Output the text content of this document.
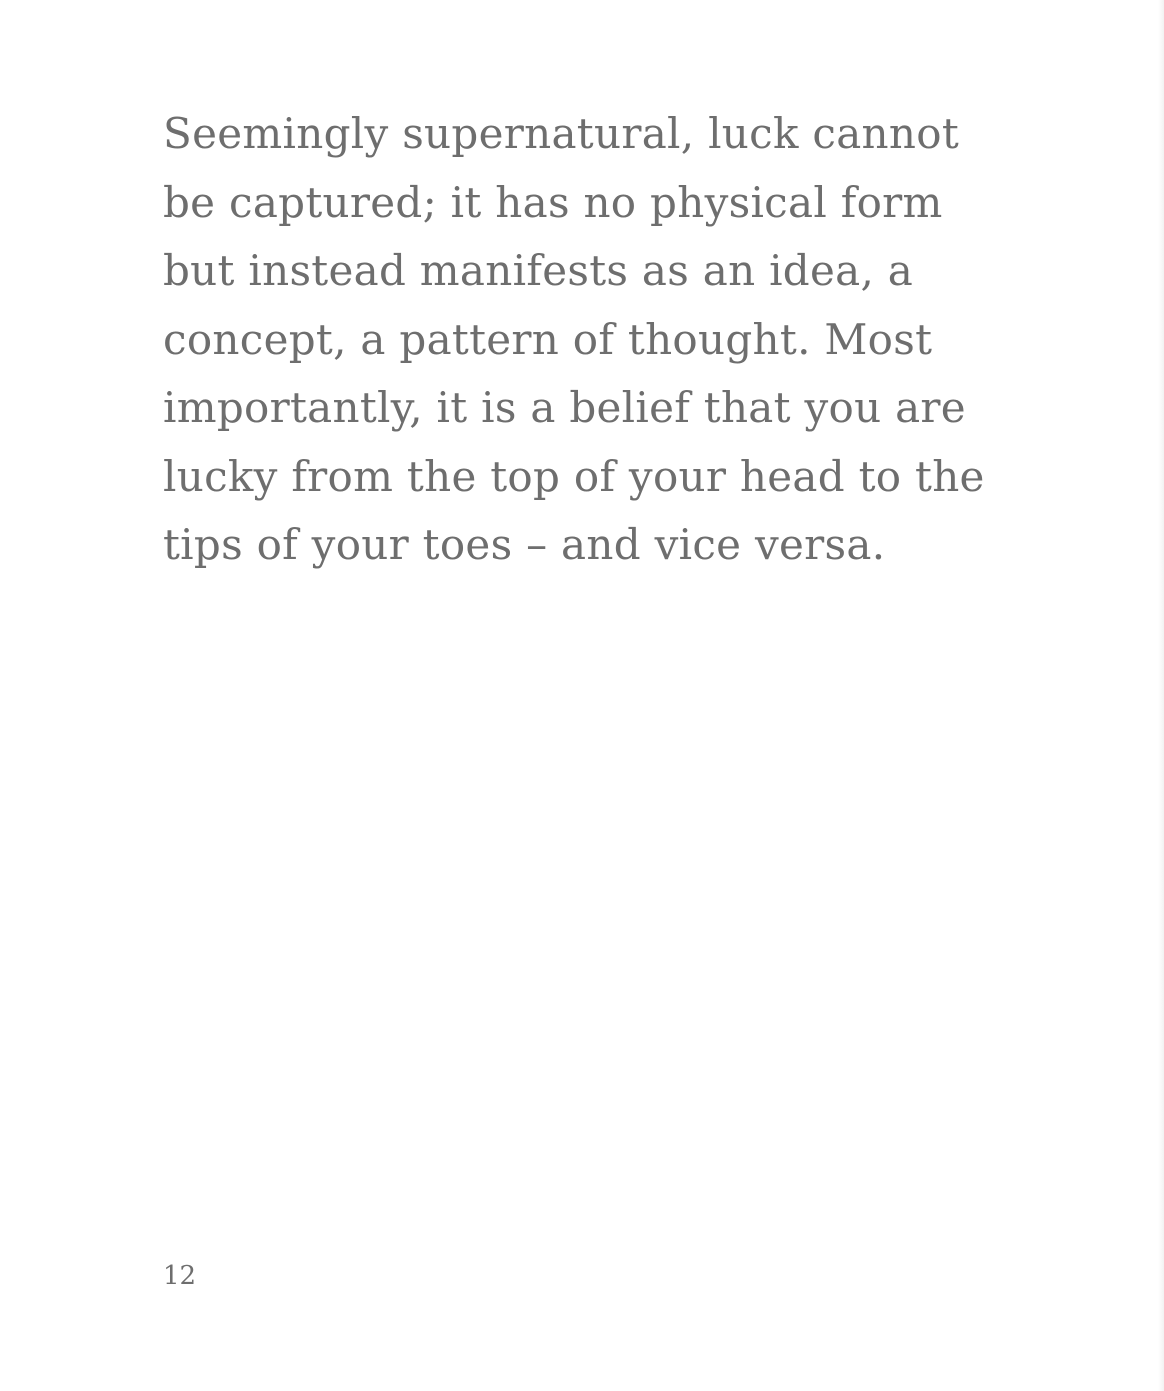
Seemingly supernatural, luck cannot
be captured; it has no physical form
but instead manifests as an idea, a
concept, a pattern of thought. Most
importantly, it is a belief that you are
lucky from the top of your head to the
tips of your toes – and vice versa.

12
